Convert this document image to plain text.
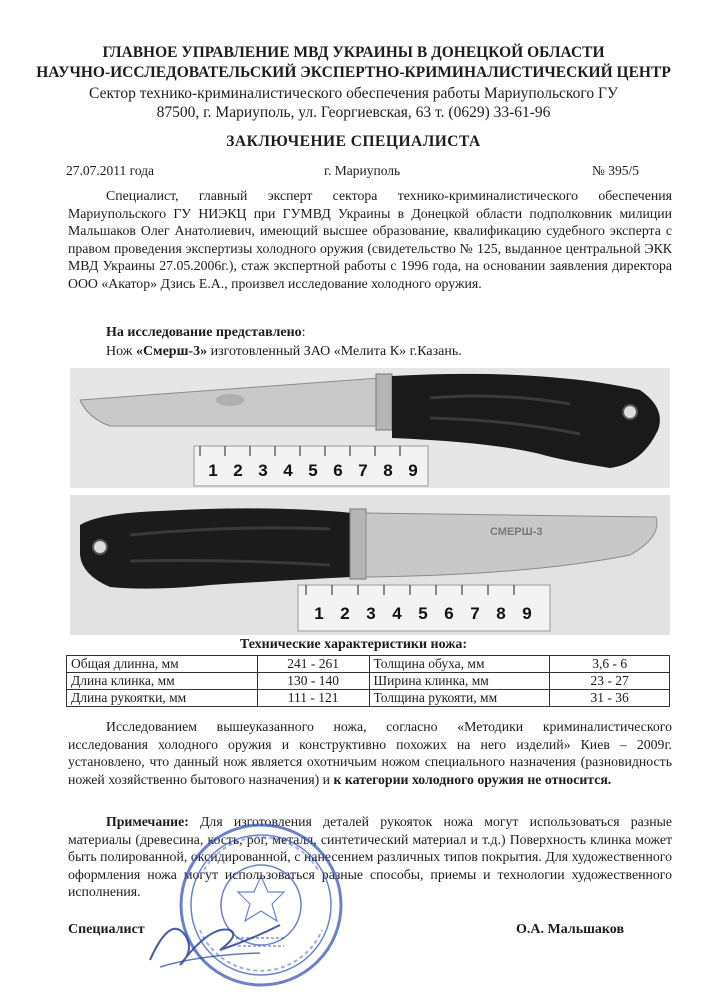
ГЛАВНОЕ УПРАВЛЕНИЕ МВД УКРАИНЫ В ДОНЕЦКОЙ ОБЛАСТИ
НАУЧНО-ИССЛЕДОВАТЕЛЬСКИЙ ЭКСПЕРТНО-КРИМИНАЛИСТИЧЕСКИЙ ЦЕНТР
Сектор технико-криминалистического обеспечения работы Мариупольского ГУ
87500, г. Мариуполь, ул. Георгиевская, 63 т. (0629) 33-61-96
ЗАКЛЮЧЕНИЕ СПЕЦИАЛИСТА
27.07.2011 года	г. Мариуполь	№ 395/5
Специалист, главный эксперт сектора технико-криминалистического обеспечения Мариупольского ГУ НИЭКЦ при ГУМВД Украины в Донецкой области подполковник милиции Мальшаков Олег Анатолиевич, имеющий высшее образование, квалификацию судебного эксперта с правом проведения экспертизы холодного оружия (свидетельство № 125, выданное центральной ЭКК МВД Украины 27.05.2006г.), стаж экспертной работы с 1996 года, на основании заявления директора ООО «Акатор» Дзись Е.А., произвел исследование холодного оружия.
На исследование представлено:
Нож «Смерш-3» изготовленный ЗАО «Мелита К» г.Казань.
1 2 3 4 5 6 7 8 9
СМЕРШ-3
1 2 3 4 5 6 7 8 9
Технические характеристики ножа:
Общая длинна, мм	241 - 261	Толщина обуха, мм	3,6 - 6
Длина клинка, мм	130 - 140	Ширина клинка, мм	23 - 27
Длина рукоятки, мм	111 - 121	Толщина рукояти, мм	31 - 36
Исследованием вышеуказанного ножа, согласно «Методики криминалистического исследования холодного оружия и конструктивно похожих на него изделий» Киев – 2009г. установлено, что данный нож является охотничьим ножом специального назначения (разновидность ножей хозяйственно бытового назначения) и к категории холодного оружия не относится.
Примечание: Для изготовления деталей рукояток ножа могут использоваться разные материалы (древесина, кость, рог, металл, синтетический материал и т.д.) Поверхность клинка может быть полированной, оксидированной, с нанесением различных типов покрытия. Для художественного оформления ножа могут использоваться разные способы, приемы и технологии художественного исполнения.
Специалист	О.А. Мальшаков
